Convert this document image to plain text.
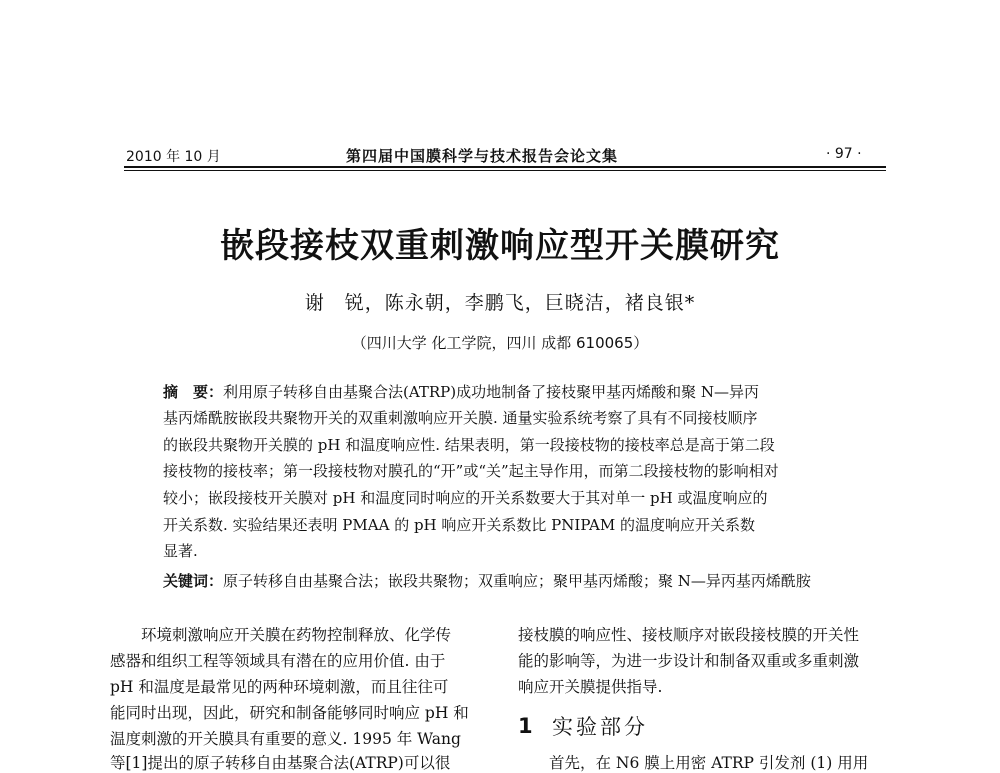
2010 年 10 月	第四届中国膜科学与技术报告会论文集	· 97 ·
嵌段接枝双重刺激响应型开关膜研究
谢　锐，陈永朝，李鹏飞，巨晓洁，褚良银*
（四川大学 化工学院，四川 成都 610065）
摘　要：利用原子转移自由基聚合法(ATRP)成功地制备了接枝聚甲基丙烯酸和聚 N—异丙
基丙烯酰胺嵌段共聚物开关的双重刺激响应开关膜. 通量实验系统考察了具有不同接枝顺序
的嵌段共聚物开关膜的 pH 和温度响应性. 结果表明，第一段接枝物的接枝率总是高于第二段
接枝物的接枝率；第一段接枝物对膜孔的“开”或“关”起主导作用，而第二段接枝物的影响相对
较小；嵌段接枝开关膜对 pH 和温度同时响应的开关系数要大于其对单一 pH 或温度响应的
开关系数. 实验结果还表明 PMAA 的 pH 响应开关系数比 PNIPAM 的温度响应开关系数
显著.
关键词：原子转移自由基聚合法；嵌段共聚物；双重响应；聚甲基丙烯酸；聚 N—异丙基丙烯酰胺
　　环境刺激响应开关膜在药物控制释放、化学传
感器和组织工程等领域具有潜在的应用价值. 由于
pH 和温度是最常见的两种环境刺激，而且往往可
能同时出现，因此，研究和制备能够同时响应 pH 和
温度刺激的开关膜具有重要的意义. 1995 年 Wang
等[1]提出的原子转移自由基聚合法(ATRP)可以很
接枝膜的响应性、接枝顺序对嵌段接枝膜的开关性
能的影响等，为进一步设计和制备双重或多重刺激
响应开关膜提供指导.
1 实验部分
　　首先，在 N6 膜上用密 ATRP 引发剂 (1) 用用
